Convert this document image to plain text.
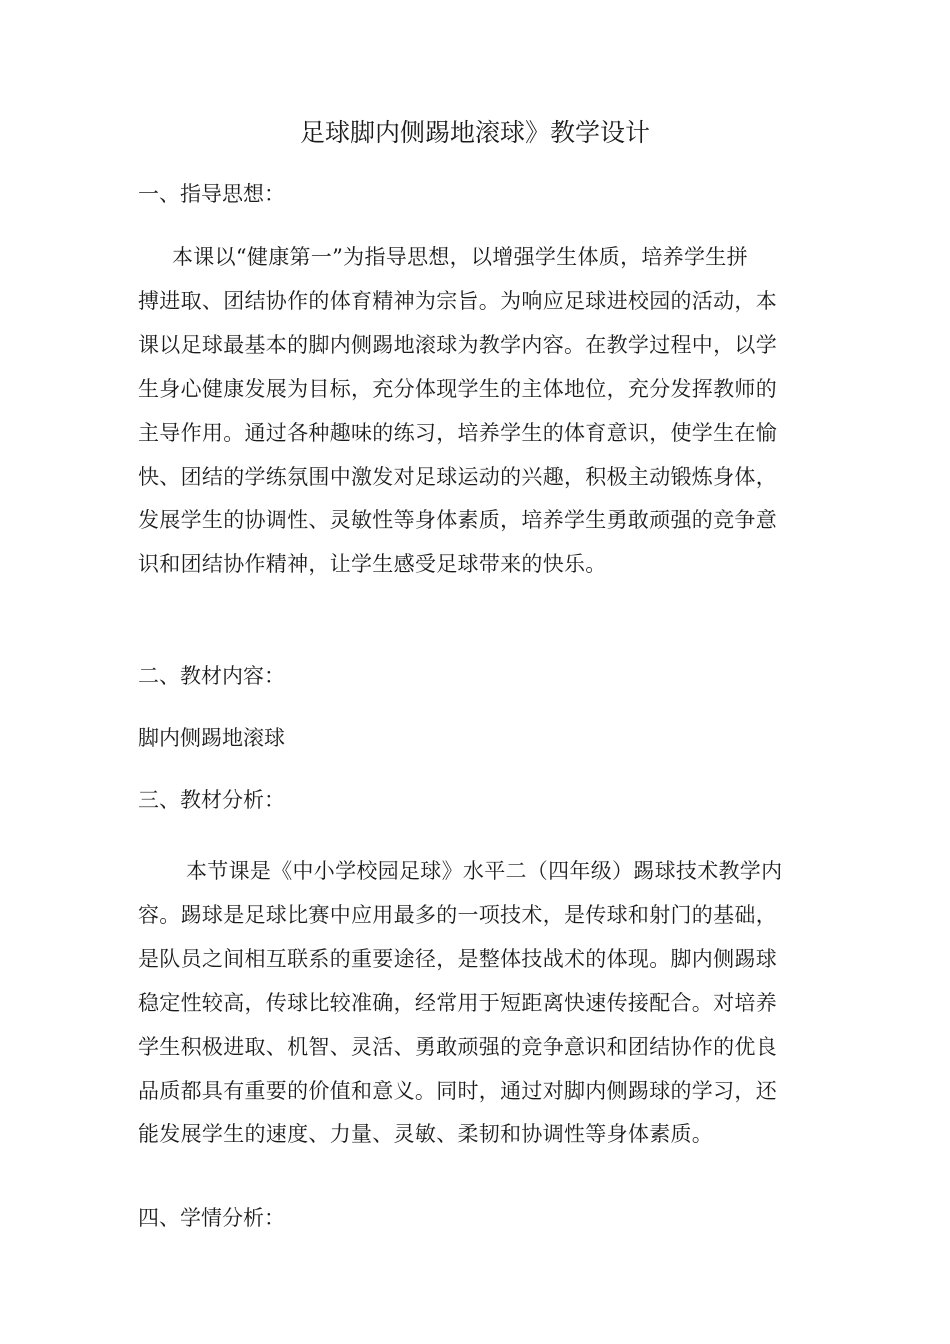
足球脚内侧踢地滚球》教学设计
一、指导思想：
本课以“健康第一”为指导思想，以增强学生体质，培养学生拼
搏进取、团结协作的体育精神为宗旨。为响应足球进校园的活动，本
课以足球最基本的脚内侧踢地滚球为教学内容。在教学过程中，以学
生身心健康发展为目标，充分体现学生的主体地位，充分发挥教师的
主导作用。通过各种趣味的练习，培养学生的体育意识，使学生在愉
快、团结的学练氛围中激发对足球运动的兴趣，积极主动锻炼身体，
发展学生的协调性、灵敏性等身体素质，培养学生勇敢顽强的竞争意
识和团结协作精神，让学生感受足球带来的快乐。
二、教材内容：
脚内侧踢地滚球
三、教材分析：
本节课是《中小学校园足球》水平二（四年级）踢球技术教学内
容。踢球是足球比赛中应用最多的一项技术，是传球和射门的基础，
是队员之间相互联系的重要途径，是整体技战术的体现。脚内侧踢球
稳定性较高，传球比较准确，经常用于短距离快速传接配合。对培养
学生积极进取、机智、灵活、勇敢顽强的竞争意识和团结协作的优良
品质都具有重要的价值和意义。同时，通过对脚内侧踢球的学习，还
能发展学生的速度、力量、灵敏、柔韧和协调性等身体素质。
四、学情分析：
